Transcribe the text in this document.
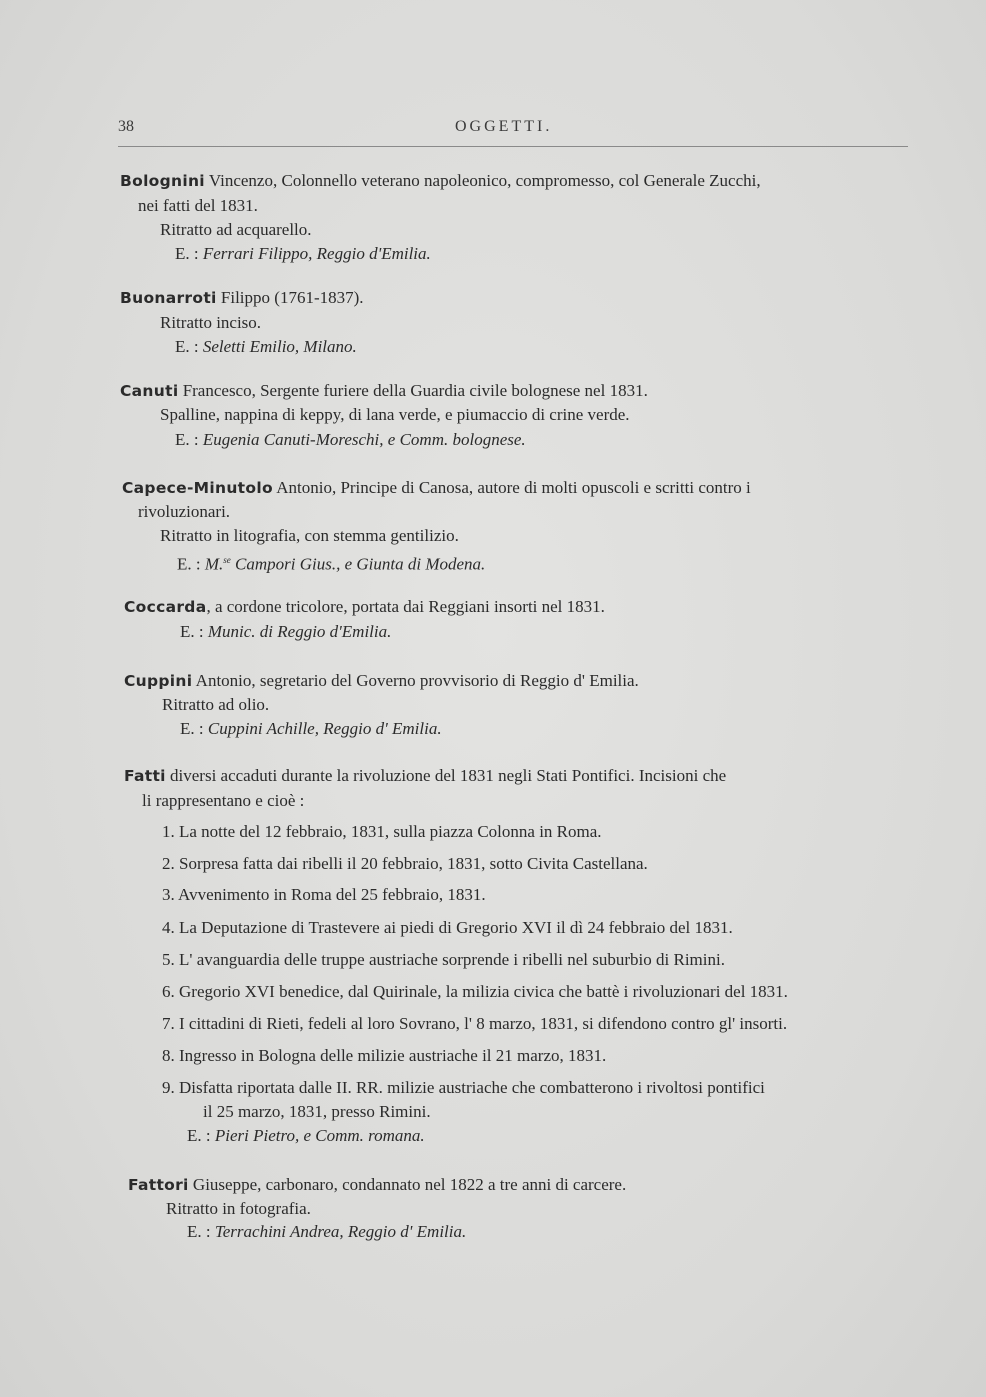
38	OGGETTI.
Bolognini Vincenzo, Colonnello veterano napoleonico, compromesso, col Generale Zucchi,
nei fatti del 1831.
Ritratto ad acquarello.
E. : Ferrari Filippo, Reggio d'Emilia.
Buonarroti Filippo (1761-1837).
Ritratto inciso.
E. : Seletti Emilio, Milano.
Canuti Francesco, Sergente furiere della Guardia civile bolognese nel 1831.
Spalline, nappina di keppy, di lana verde, e piumaccio di crine verde.
E. : Eugenia Canuti-Moreschi, e Comm. bolognese.
Capece-Minutolo Antonio, Principe di Canosa, autore di molti opuscoli e scritti contro i
rivoluzionari.
Ritratto in litografia, con stemma gentilizio.
E. : M.$^{se}$ Campori Gius., e Giunta di Modena.
Coccarda, a cordone tricolore, portata dai Reggiani insorti nel 1831.
E. : Munic. di Reggio d'Emilia.
Cuppini Antonio, segretario del Governo provvisorio di Reggio d' Emilia.
Ritratto ad olio.
E. : Cuppini Achille, Reggio d' Emilia.
Fatti diversi accaduti durante la rivoluzione del 1831 negli Stati Pontifici. Incisioni che
li rappresentano e cioè :
1. La notte del 12 febbraio, 1831, sulla piazza Colonna in Roma.
2. Sorpresa fatta dai ribelli il 20 febbraio, 1831, sotto Civita Castellana.
3. Avvenimento in Roma del 25 febbraio, 1831.
4. La Deputazione di Trastevere ai piedi di Gregorio XVI il dì 24 febbraio del 1831.
5. L' avanguardia delle truppe austriache sorprende i ribelli nel suburbio di Rimini.
6. Gregorio XVI benedice, dal Quirinale, la milizia civica che battè i rivoluzionari del 1831.
7. I cittadini di Rieti, fedeli al loro Sovrano, l' 8 marzo, 1831, si difendono contro gl' insorti.
8. Ingresso in Bologna delle milizie austriache il 21 marzo, 1831.
9. Disfatta riportata dalle II. RR. milizie austriache che combatterono i rivoltosi pontifici
il 25 marzo, 1831, presso Rimini.
E. : Pieri Pietro, e Comm. romana.
Fattori Giuseppe, carbonaro, condannato nel 1822 a tre anni di carcere.
Ritratto in fotografia.
E. : Terrachini Andrea, Reggio d' Emilia.
